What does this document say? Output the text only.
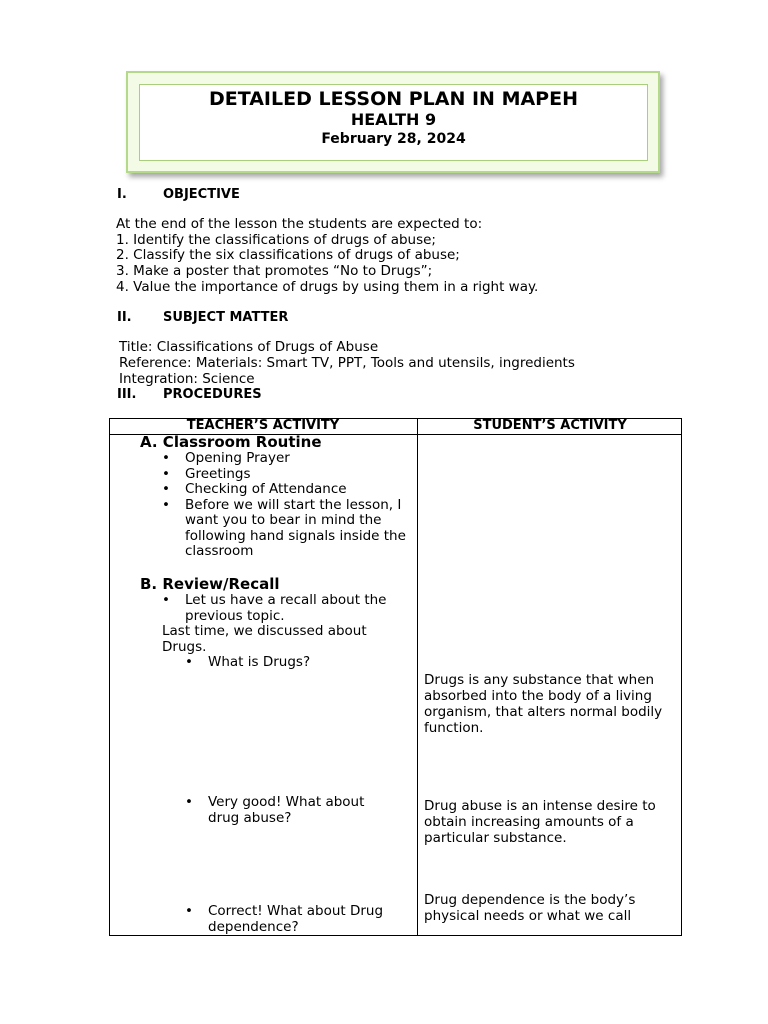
DETAILED LESSON PLAN IN MAPEH
HEALTH 9
February 28, 2024
I.	OBJECTIVE
At the end of the lesson the students are expected to:
1. Identify the classifications of drugs of abuse;
2. Classify the six classifications of drugs of abuse;
3. Make a poster that promotes “No to Drugs”;
4. Value the importance of drugs by using them in a right way.
II. SUBJECT MATTER
Title: Classifications of Drugs of Abuse
Reference: Materials: Smart TV, PPT, Tools and utensils, ingredients
Integration: Science
III. PROCEDURES
TEACHER’S ACTIVITY	STUDENT’S ACTIVITY
A. Classroom Routine
• Opening Prayer
• Greetings
• Checking of Attendance
• Before we will start the lesson, I want you to bear in mind the following hand signals inside the classroom
B. Review/Recall
• Let us have a recall about the previous topic.
Last time, we discussed about Drugs.
• What is Drugs?
• Very good! What about drug abuse?
• Correct! What about Drug dependence?
Drugs is any substance that when absorbed into the body of a living organism, that alters normal bodily function.
Drug abuse is an intense desire to obtain increasing amounts of a particular substance.
Drug dependence is the body’s physical needs or what we call
